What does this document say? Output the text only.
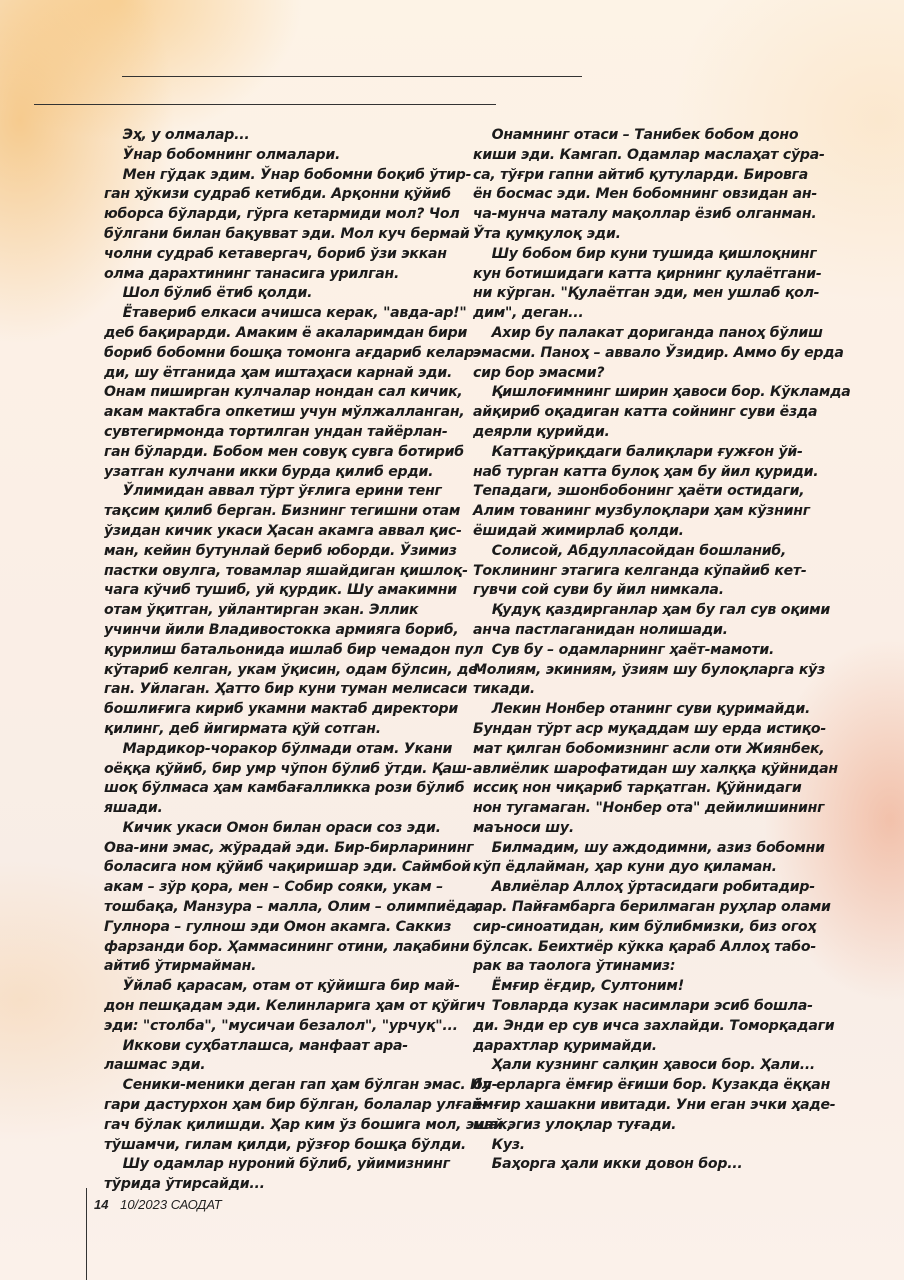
Эҳ, у олмалар...

Ўнар бобомнинг олмалари.

Мен гўдак эдим. Ўнар бобомни боқиб ўтир-

ган ҳўкизи судраб кетибди. Арқонни қўйиб

юборса бўларди, гўрга кетармиди мол? Чол

бўлгани билан бақувват эди. Мол куч бермай

чолни судраб кетавергач, бориб ўзи эккан

олма дарахтининг танасига урилган.

Шол бўлиб ётиб қолди.

Ётавериб елкаси ачишса керак, "авда-ар!"

деб бақирарди. Амаким ё акаларимдан бири

бориб бобомни бошқа томонга ағдариб келар-

ди, шу ётганида ҳам иштаҳаси карнай эди.

Онам пиширган кулчалар нондан сал кичик,

акам мактабга опкетиш учун мўлжалланган,

сувтегирмонда тортилган ундан тайёрлан-

ган бўларди. Бобом мен совуқ сувга ботириб

узатган кулчани икки бурда қилиб ерди.

Ўлимидан аввал тўрт ўғлига ерини тенг

тақсим қилиб берган. Бизнинг тегишни отам

ўзидан кичик укаси Ҳасан акамга аввал қис-

ман, кейин бутунлай бериб юборди. Ўзимиз

пастки овулга, товамлар яшайдиган қишлоқ-

чага кўчиб тушиб, уй қурдик. Шу амакимни

отам ўқитган, уйлантирган экан. Эллик

учинчи йили Владивостокка армияга бориб,

қурилиш батальонида ишлаб бир чемадон пул

кўтариб келган, укам ўқисин, одам бўлсин, де-

ган. Уйлаган. Ҳатто бир куни туман мелисаси

бошлиғига кириб укамни мактаб директори

қилинг, деб йигирмата қўй сотган.

Мардикор-чоракор бўлмади отам. Укани

оёққа қўйиб, бир умр чўпон бўлиб ўтди. Қаш-

шоқ бўлмаса ҳам камбағалликка рози бўлиб

яшади.

Кичик укаси Омон билан ораси соз эди.

Ова-ини эмас, жўрадай эди. Бир-бирларининг

боласига ном қўйиб чақиришар эди. Саймбой

акам – зўр қора, мен – Собир сояки, укам –

тошбақа, Манзура – малла, Олим – олимпиёда,

Гулнора – гулнош эди Омон акамга. Саккиз

фарзанди бор. Ҳаммасининг отини, лақабини

айтиб ўтирмайман.

Ўйлаб қарасам, отам от қўйишга бир май-

дон пешқадам эди. Келинларига ҳам от қўйгич

эди: "столба", "мусичаи безалол", "урчуқ"...

Иккови суҳбатлашса, манфаат ара-

лашмас эди.

Сеники-меники деган гап ҳам бўлган эмас. Ил-

гари дастурхон ҳам бир бўлган, болалар улғай-

гач бўлак қилишди. Ҳар ким ўз бошига мол, эшак,

тўшамчи, гилам қилди, рўзғор бошқа бўлди.

Шу одамлар нуроний бўлиб, уйимизнинг

тўрида ўтирсайди...

Онамнинг отаси – Танибек бобом доно

киши эди. Камгап. Одамлар маслаҳат сўра-

са, тўғри гапни айтиб қутуларди. Бировга

ён босмас эди. Мен бобомнинг овзидан ан-

ча-мунча маталу мақоллар ёзиб олганман.

Ўта қумқулоқ эди.

Шу бобом бир куни тушида қишлоқнинг

кун ботишидаги катта қирнинг қулаётгани-

ни кўрган. "Қулаётган эди, мен ушлаб қол-

дим", деган...

Ахир бу палакат дориганда паноҳ бўлиш

эмасми. Паноҳ – аввало Ўзидир. Аммо бу ерда

сир бор эмасми?

Қишлоғимнинг ширин ҳавоси бор. Кўкламда

айқириб оқадиган катта сойнинг суви ёзда

деярли қурийди.

Каттақўриқдаги балиқлари ғужғон ўй-

наб турган катта булоқ ҳам бу йил қуриди.

Тепадаги, эшонбобонинг ҳаёти остидаги,

Алим тованинг музбулоқлари ҳам кўзнинг

ёшидай жимирлаб қолди.

Солисой, Абдулласойдан бошланиб,

Токлининг этагига келганда кўпайиб кет-

гувчи сой суви бу йил нимкала.

Қудуқ қаздирганлар ҳам бу гал сув оқими

анча пастлаганидан нолишади.

Сув бу – одамларнинг ҳаёт-мамоти.

Молиям, экиниям, ўзиям шу булоқларга кўз

тикади.

Лекин Нонбер отанинг суви қуримайди.

Бундан тўрт аср муқаддам шу ерда истиқо-

мат қилган бобомизнинг асли оти Жиянбек,

авлиёлик шарофатидан шу халққа қўйнидан

иссиқ нон чиқариб тарқатган. Қўйнидаги

нон тугамаган. "Нонбер ота" дейилишининг

маъноси шу.

Билмадим, шу аждодимни, азиз бобомни

кўп ёдлайман, ҳар куни дуо қиламан.

Авлиёлар Аллоҳ ўртасидаги робитадир-

лар. Пайғамбарга берилмаган руҳлар олами

сир-синоатидан, ким бўлибмизки, биз огоҳ

бўлсак. Беихтиёр кўкка қараб Аллоҳ табо-

рак ва таолога ўтинамиз:

Ёмғир ёғдир, Султоним!

Товларда кузак насимлари эсиб бошла-

ди. Энди ер сув ичса захлайди. Томорқадаги

дарахтлар қуримайди.

Ҳали кузнинг салқин ҳавоси бор. Ҳали...

бу ерларга ёмғир ёғиши бор. Кузакда ёққан

ёмғир хашакни ивитади. Уни еган эчки ҳаде-

май эгиз улоқлар туғади.

Куз.

Баҳорга ҳали икки довон бор...

14 10/2023 САОДАТ
